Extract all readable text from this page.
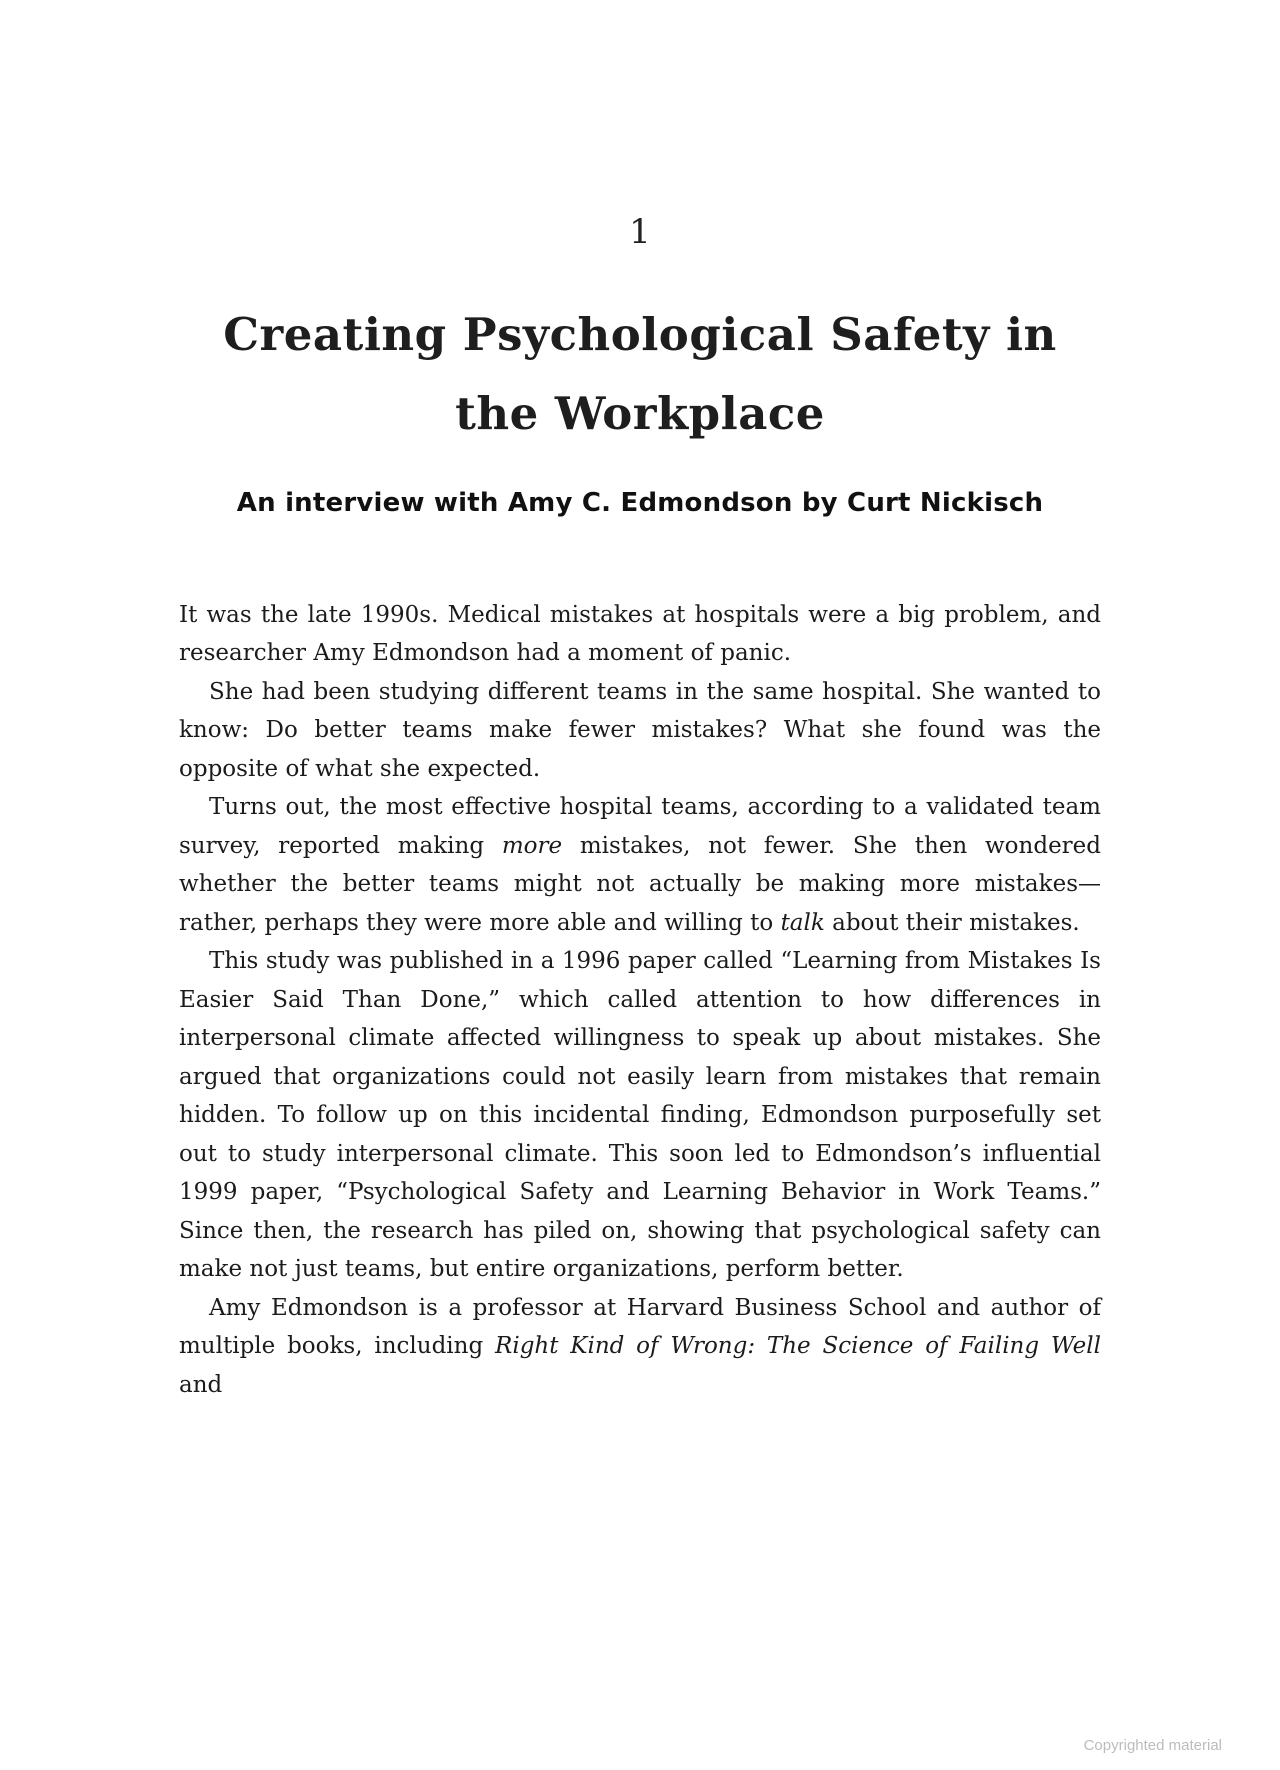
1
Creating Psychological Safety in the Workplace
An interview with Amy C. Edmondson by Curt Nickisch

It was the late 1990s. Medical mistakes at hospitals were a big problem, and researcher Amy Edmondson had a moment of panic.

She had been studying different teams in the same hospital. She wanted to know: Do better teams make fewer mistakes? What she found was the opposite of what she expected.

Turns out, the most effective hospital teams, according to a validated team survey, reported making more mistakes, not fewer. She then wondered whether the better teams might not actually be making more mistakes—rather, perhaps they were more able and willing to talk about their mistakes.

This study was published in a 1996 paper called “Learning from Mistakes Is Easier Said Than Done,” which called attention to how differences in interpersonal climate affected willingness to speak up about mistakes. She argued that organizations could not easily learn from mistakes that remain hidden. To follow up on this incidental finding, Edmondson purposefully set out to study interpersonal climate. This soon led to Edmondson’s influential 1999 paper, “Psychological Safety and Learning Behavior in Work Teams.” Since then, the research has piled on, showing that psychological safety can make not just teams, but entire organizations, perform better.

Amy Edmondson is a professor at Harvard Business School and author of multiple books, including Right Kind of Wrong: The Science of Failing Well and

Copyrighted material
